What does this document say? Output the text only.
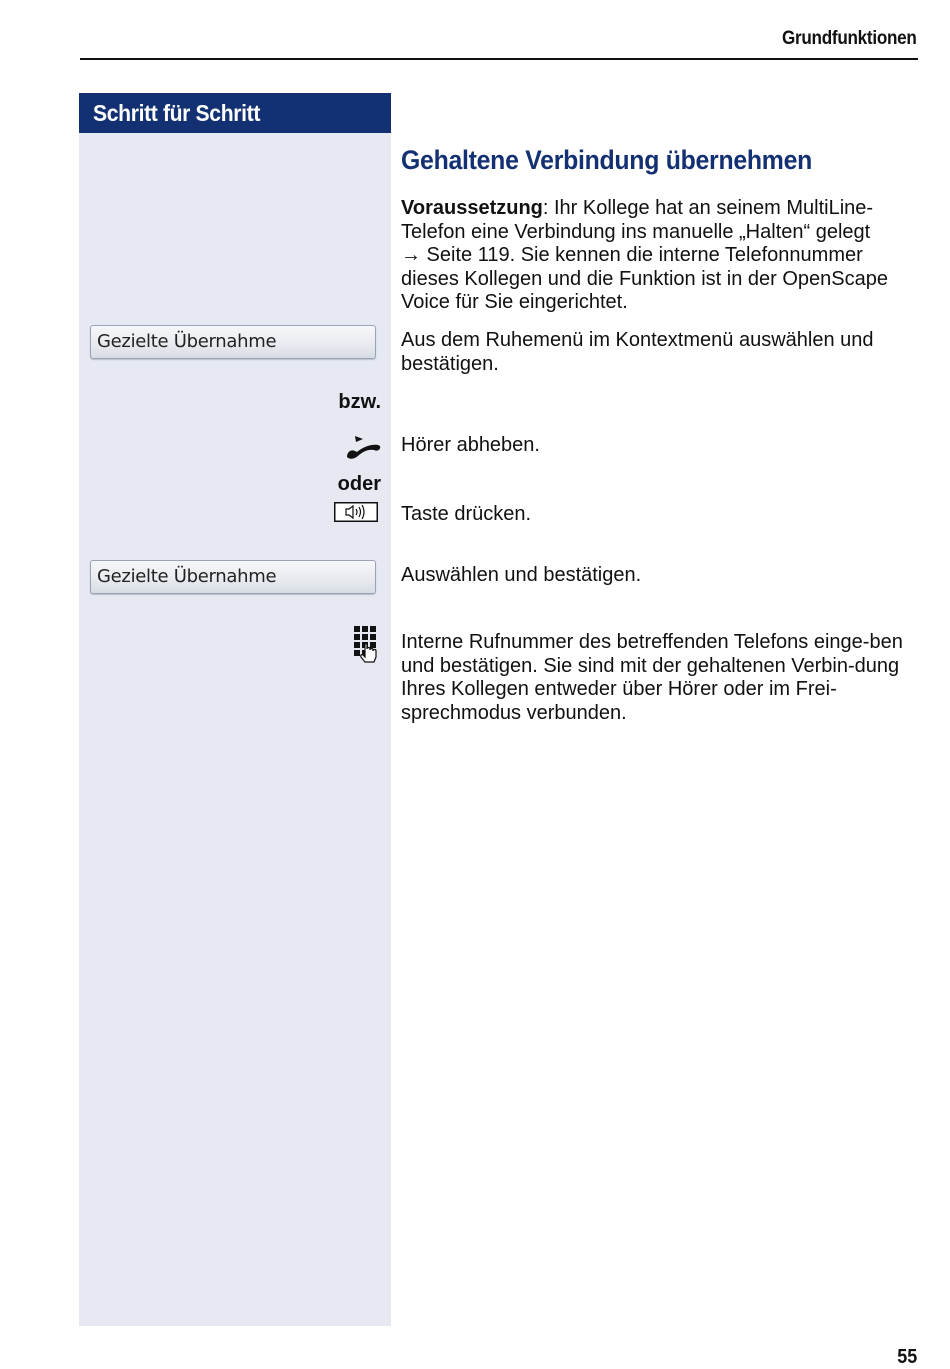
Grundfunktionen
Schritt für Schritt
Gehaltene Verbindung übernehmen
Voraussetzung: Ihr Kollege hat an seinem MultiLine-Telefon eine Verbindung ins manuelle „Halten“ gelegt
→ Seite 119. Sie kennen die interne Telefonnummer dieses Kollegen und die Funktion ist in der OpenScape Voice für Sie eingerichtet.
Gezielte Übernahme	Aus dem Ruhemenü im Kontextmenü auswählen und bestätigen.
bzw.
Hörer abheben.
oder
Taste drücken.
Gezielte Übernahme	Auswählen und bestätigen.
Interne Rufnummer des betreffenden Telefons einge-ben und bestätigen. Sie sind mit der gehaltenen Verbin-dung Ihres Kollegen entweder über Hörer oder im Frei-sprechmodus verbunden.
55
